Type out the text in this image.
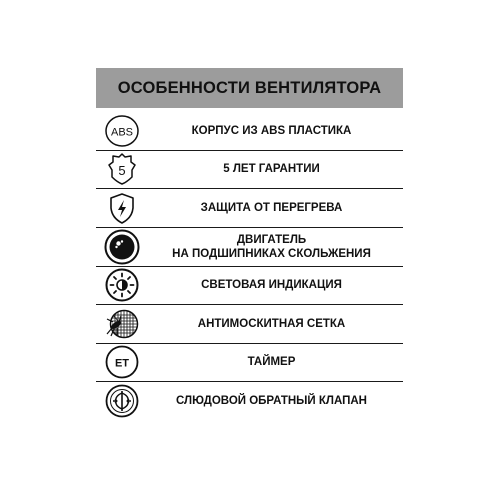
ОСОБЕННОСТИ ВЕНТИЛЯТОРА
ABS	КОРПУС ИЗ ABS ПЛАСТИКА
5	5 ЛЕТ ГАРАНТИИ
ЗАЩИТА ОТ ПЕРЕГРЕВА
ДВИГАТЕЛЬ
НА ПОДШИПНИКАХ СКОЛЬЖЕНИЯ
СВЕТОВАЯ ИНДИКАЦИЯ
АНТИМОСКИТНАЯ СЕТКА
ET	ТАЙМЕР
СЛЮДОВОЙ ОБРАТНЫЙ КЛАПАН
